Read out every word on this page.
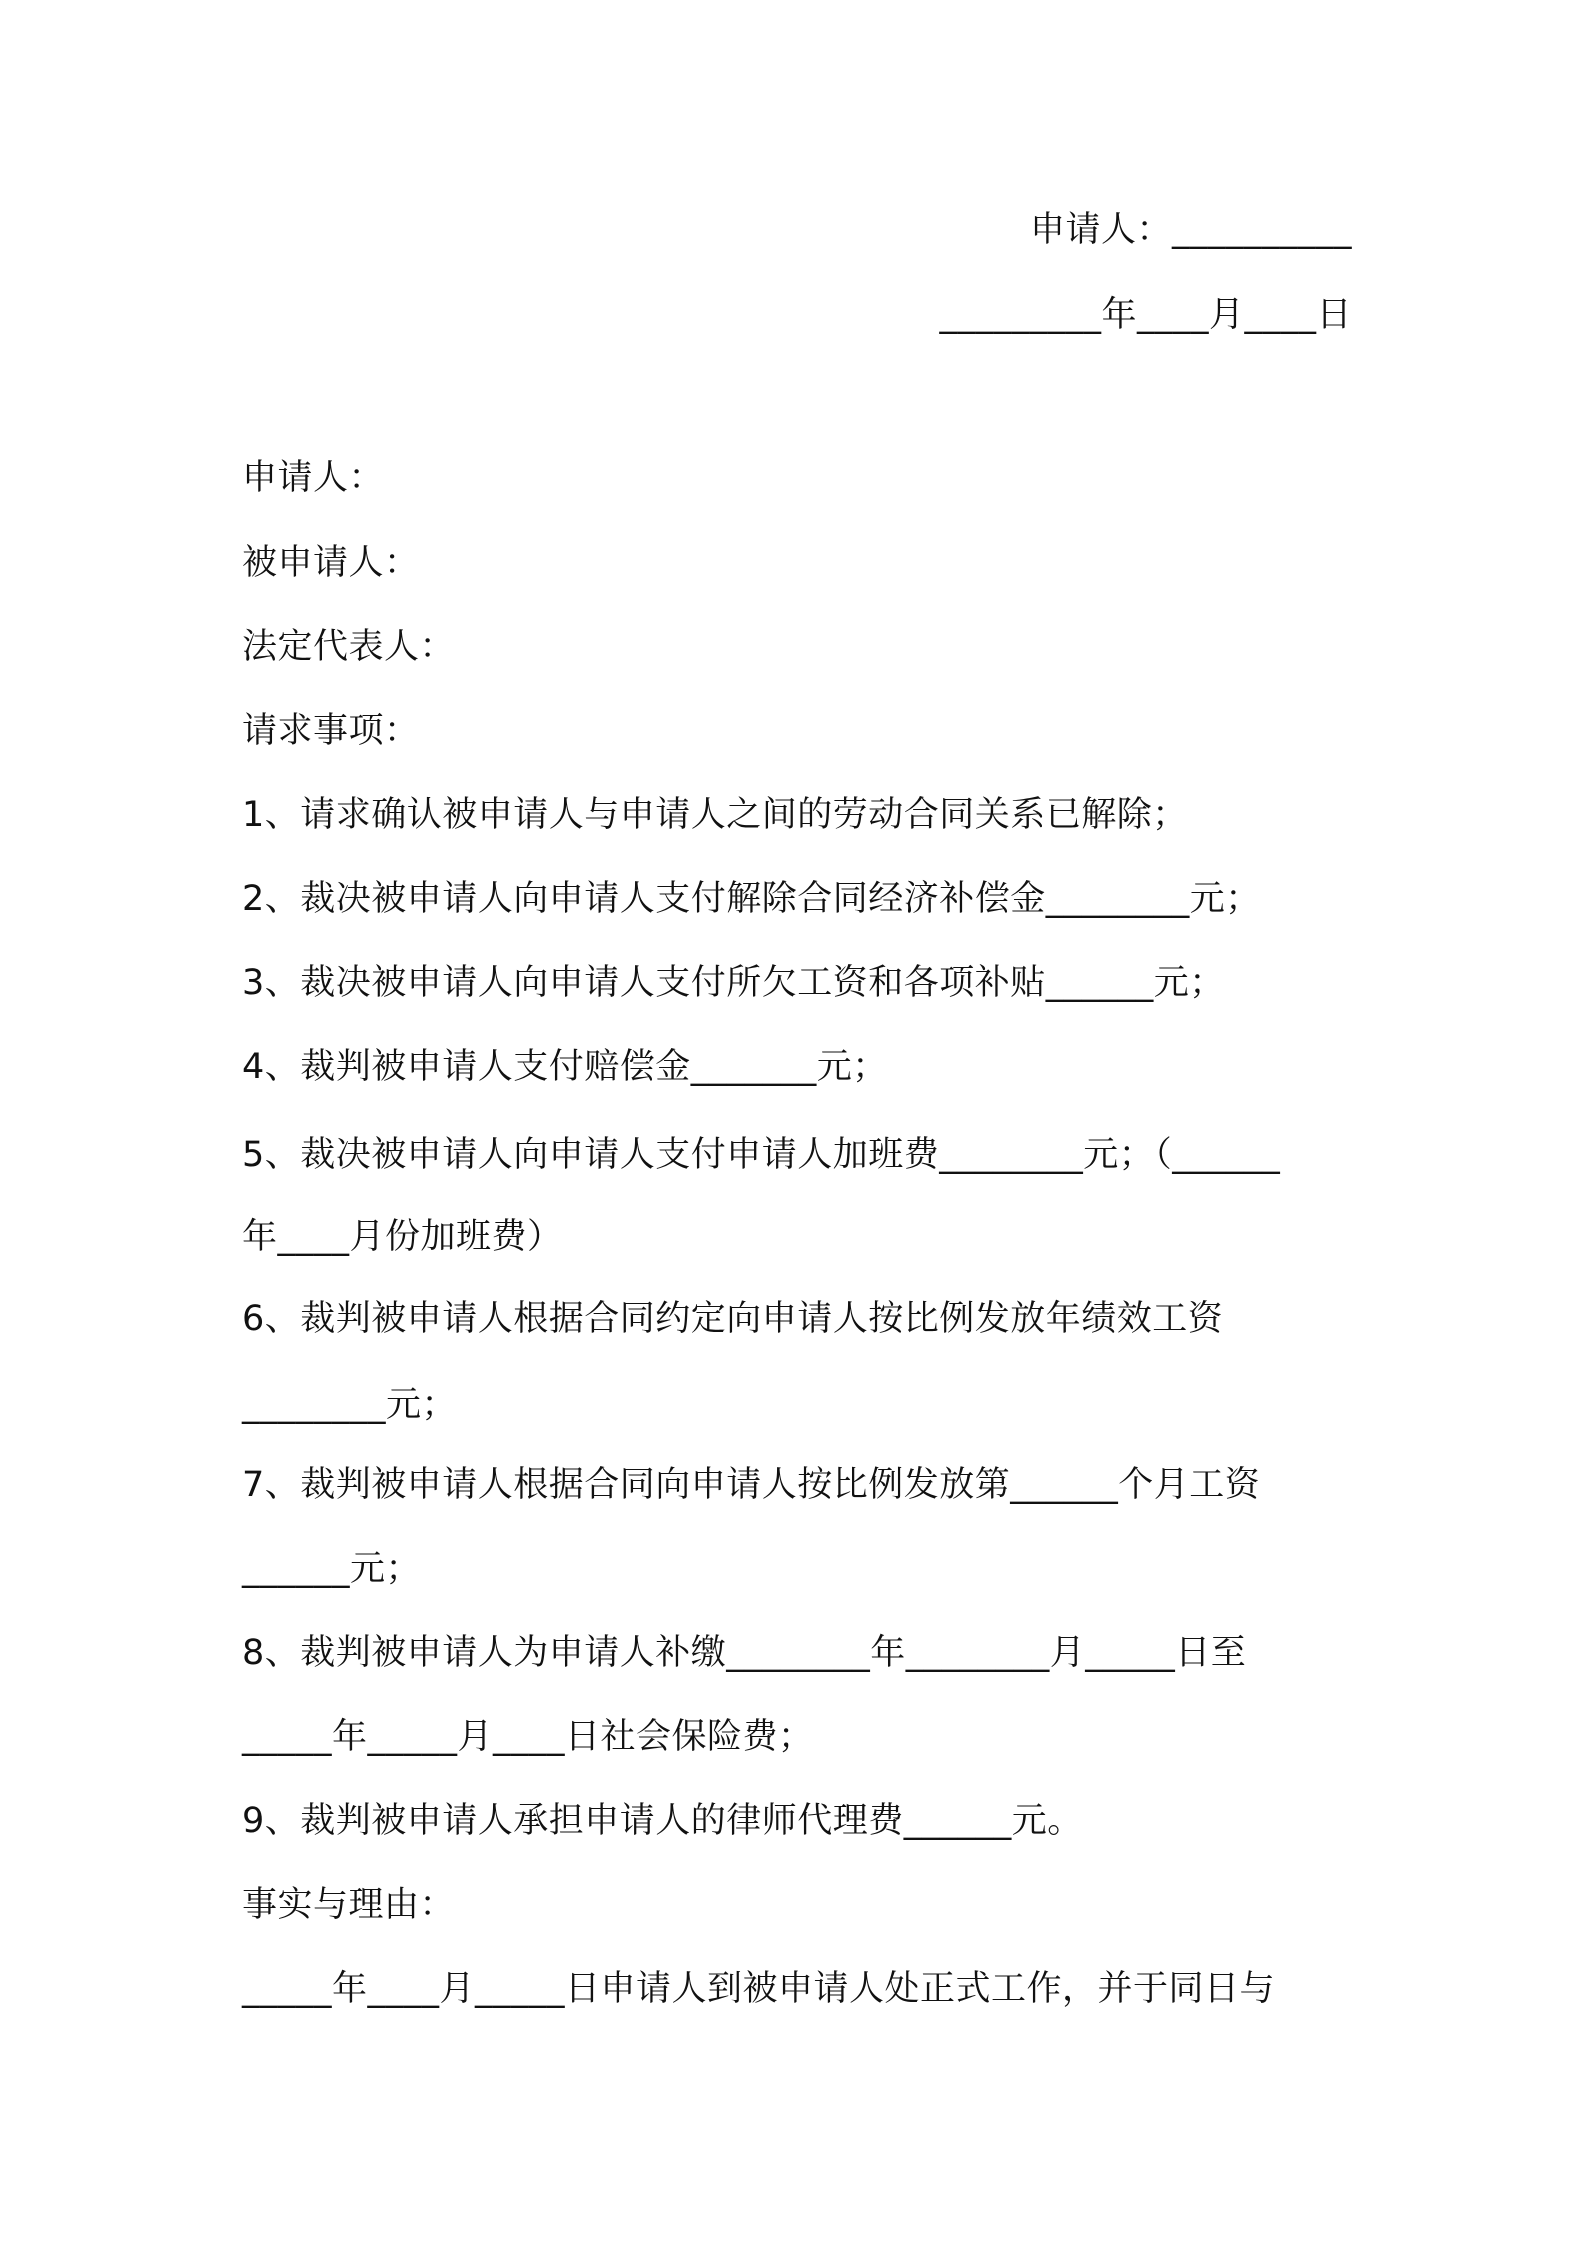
申请人：__________
_________年____月____日
申请人：
被申请人：
法定代表人：
请求事项：
1、请求确认被申请人与申请人之间的劳动合同关系已解除；
2、裁决被申请人向申请人支付解除合同经济补偿金________元；
3、裁决被申请人向申请人支付所欠工资和各项补贴______元；
4、裁判被申请人支付赔偿金_______元；
5、裁决被申请人向申请人支付申请人加班费________元；（______
年____月份加班费）
6、裁判被申请人根据合同约定向申请人按比例发放年绩效工资
________元；
7、裁判被申请人根据合同向申请人按比例发放第______个月工资
______元；
8、裁判被申请人为申请人补缴________年________月_____日至
_____年_____月____日社会保险费；
9、裁判被申请人承担申请人的律师代理费______元。
事实与理由：
_____年____月_____日申请人到被申请人处正式工作，并于同日与
